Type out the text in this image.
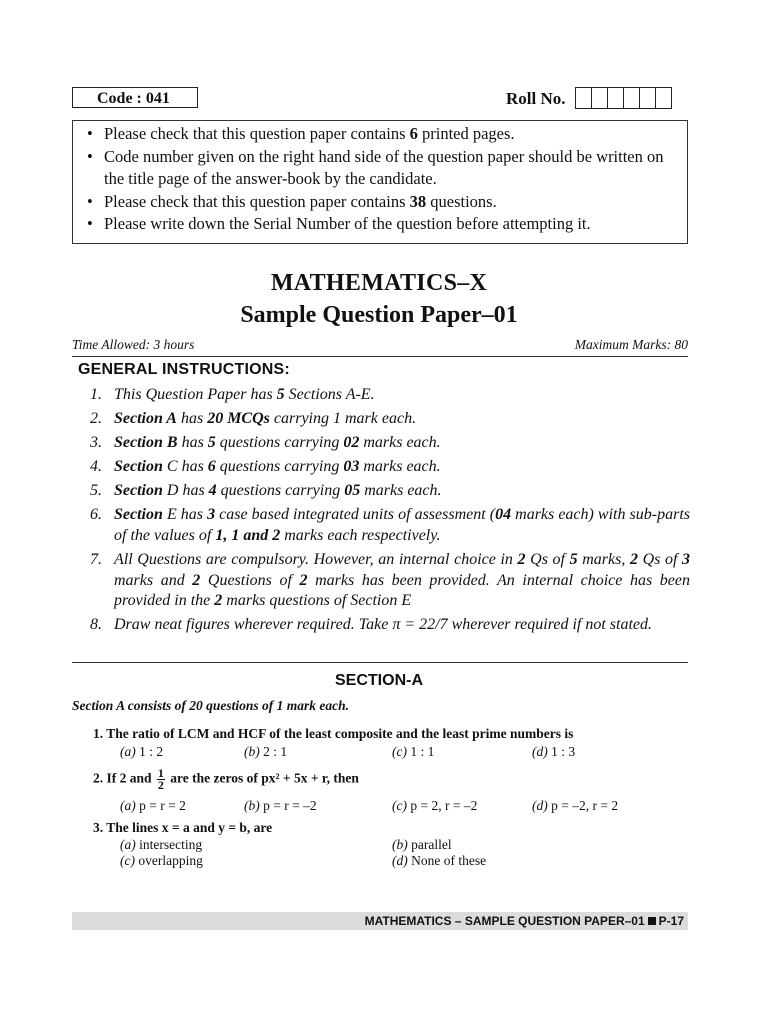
Code : 041	Roll No.
• Please check that this question paper contains 6 printed pages.
• Code number given on the right hand side of the question paper should be written on the title page of the answer-book by the candidate.
• Please check that this question paper contains 38 questions.
• Please write down the Serial Number of the question before attempting it.
MATHEMATICS–X
Sample Question Paper–01
Time Allowed: 3 hours	Maximum Marks: 80
GENERAL INSTRUCTIONS:
1. This Question Paper has 5 Sections A-E.
2. Section A has 20 MCQs carrying 1 mark each.
3. Section B has 5 questions carrying 02 marks each.
4. Section C has 6 questions carrying 03 marks each.
5. Section D has 4 questions carrying 05 marks each.
6. Section E has 3 case based integrated units of assessment (04 marks each) with sub-parts of the values of 1, 1 and 2 marks each respectively.
7. All Questions are compulsory. However, an internal choice in 2 Qs of 5 marks, 2 Qs of 3 marks and 2 Questions of 2 marks has been provided. An internal choice has been provided in the 2 marks questions of Section E
8. Draw neat figures wherever required. Take π = 22/7 wherever required if not stated.
SECTION-A
Section A consists of 20 questions of 1 mark each.
1. The ratio of LCM and HCF of the least composite and the least prime numbers is
(a) 1 : 2	(b) 2 : 1	(c) 1 : 1	(d) 1 : 3
2. If 2 and $\frac{1}{2}$ are the zeros of px² + 5x + r, then
(a) p = r = 2	(b) p = r = –2	(c) p = 2, r = –2	(d) p = –2, r = 2
3. The lines x = a and y = b, are
(a) intersecting	(b) parallel
(c) overlapping	(d) None of these
MATHEMATICS – SAMPLE QUESTION PAPER–01 P-17
